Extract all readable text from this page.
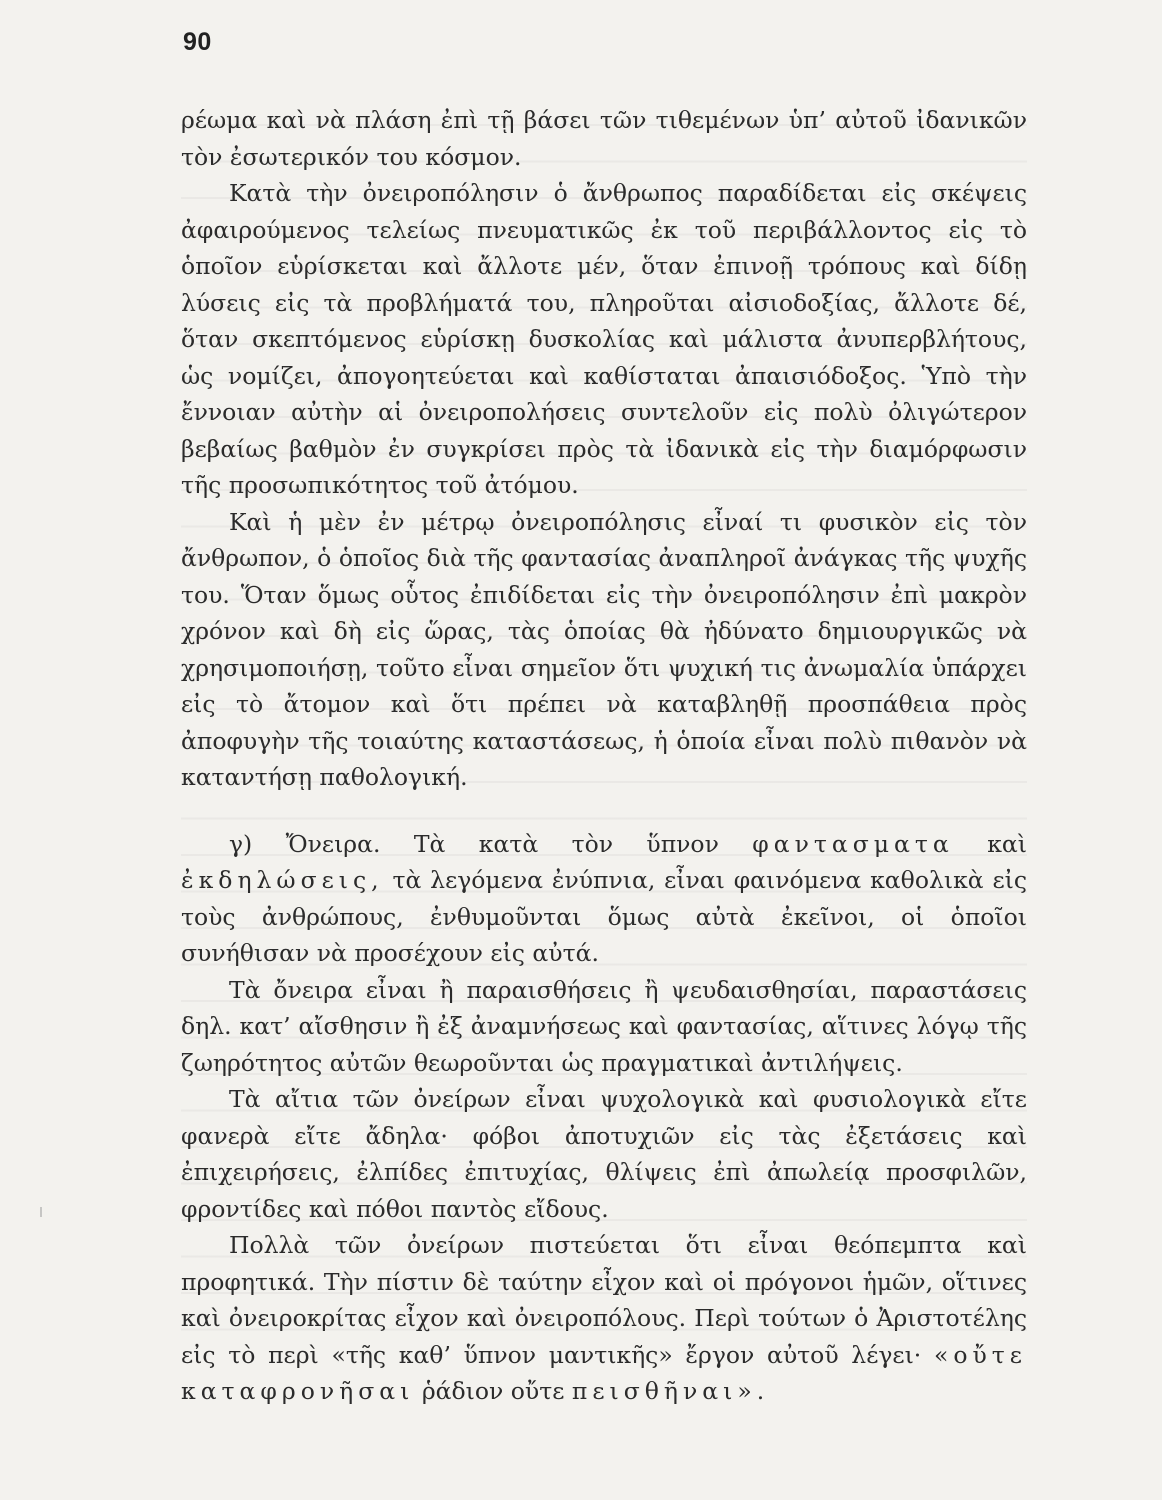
90

ρέωμα καὶ νὰ πλάση ἐπὶ τῇ βάσει τῶν τιθεμένων ὑπ’ αὐτοῦ ἰδανικῶν τὸν ἐσωτερικόν του κόσμον.

Κατὰ τὴν ὀνειροπόλησιν ὁ ἄνθρωπος παραδίδεται εἰς σκέψεις ἀφαιρούμενος τελείως πνευματικῶς ἐκ τοῦ περιβάλλοντος εἰς τὸ ὁποῖον εὑρίσκεται καὶ ἄλλοτε μέν, ὅταν ἐπινοῇ τρόπους καὶ δίδῃ λύσεις εἰς τὰ προβλήματά του, πληροῦται αἰσιοδοξίας, ἄλλοτε δέ, ὅταν σκεπτόμενος εὑρίσκῃ δυσκολίας καὶ μάλιστα ἀνυπερβλήτους, ὡς νομίζει, ἀπογοητεύεται καὶ καθίσταται ἀπαισιόδοξος. Ὑπὸ τὴν ἔννοιαν αὐτὴν αἱ ὀνειροπολήσεις συντελοῦν εἰς πολὺ ὀλιγώτερον βεβαίως βαθμὸν ἐν συγκρίσει πρὸς τὰ ἰδανικὰ εἰς τὴν διαμόρφωσιν τῆς προσωπικότητος τοῦ ἀτόμου.

Καὶ ἡ μὲν ἐν μέτρῳ ὀνειροπόλησις εἶναί τι φυσικὸν εἰς τὸν ἄνθρωπον, ὁ ὁποῖος διὰ τῆς φαντασίας ἀναπληροῖ ἀνάγκας τῆς ψυχῆς του. Ὅταν ὅμως οὗτος ἐπιδίδεται εἰς τὴν ὀνειροπόλησιν ἐπὶ μακρὸν χρόνον καὶ δὴ εἰς ὥρας, τὰς ὁποίας θὰ ἠδύνατο δημιουργικῶς νὰ χρησιμοποιήσῃ, τοῦτο εἶναι σημεῖον ὅτι ψυχική τις ἀνωμαλία ὑπάρχει εἰς τὸ ἄτομον καὶ ὅτι πρέπει νὰ καταβληθῇ προσπάθεια πρὸς ἀποφυγὴν τῆς τοιαύτης καταστάσεως, ἡ ὁποία εἶναι πολὺ πιθανὸν νὰ καταντήσῃ παθολογική.

γ) Ὄνειρα. Τὰ κατὰ τὸν ὕπνον φαντασματα καὶ ἐκδηλώσεις, τὰ λεγόμενα ἐνύπνια, εἶναι φαινόμενα καθολικὰ εἰς τοὺς ἀνθρώπους, ἐνθυμοῦνται ὅμως αὐτὰ ἐκεῖνοι, οἱ ὁποῖοι συνήθισαν νὰ προσέχουν εἰς αὐτά.

Τὰ ὄνειρα εἶναι ἢ παραισθήσεις ἢ ψευδαισθησίαι, παραστάσεις δηλ. κατ’ αἴσθησιν ἢ ἐξ ἀναμνήσεως καὶ φαντασίας, αἵτινες λόγῳ τῆς ζωηρότητος αὐτῶν θεωροῦνται ὡς πραγματικαὶ ἀντιλήψεις.

Τὰ αἴτια τῶν ὀνείρων εἶναι ψυχολογικὰ καὶ φυσιολογικὰ εἴτε φανερὰ εἴτε ἄδηλα· φόβοι ἀποτυχιῶν εἰς τὰς ἐξετάσεις καὶ ἐπιχειρήσεις, ἐλπίδες ἐπιτυχίας, θλίψεις ἐπὶ ἀπωλείᾳ προσφιλῶν, φροντίδες καὶ πόθοι παντὸς εἴδους.

Πολλὰ τῶν ὀνείρων πιστεύεται ὅτι εἶναι θεόπεμπτα καὶ προφητικά. Τὴν πίστιν δὲ ταύτην εἶχον καὶ οἱ πρόγονοι ἡμῶν, οἵτινες καὶ ὀνειροκρίτας εἶχον καὶ ὀνειροπόλους. Περὶ τούτων ὁ Ἀριστοτέλης εἰς τὸ περὶ «τῆς καθ’ ὕπνον μαντικῆς» ἔργον αὐτοῦ λέγει· «οὔτε καταφρονῆσαι ῥάδιον οὔτε πεισθῆναι».
